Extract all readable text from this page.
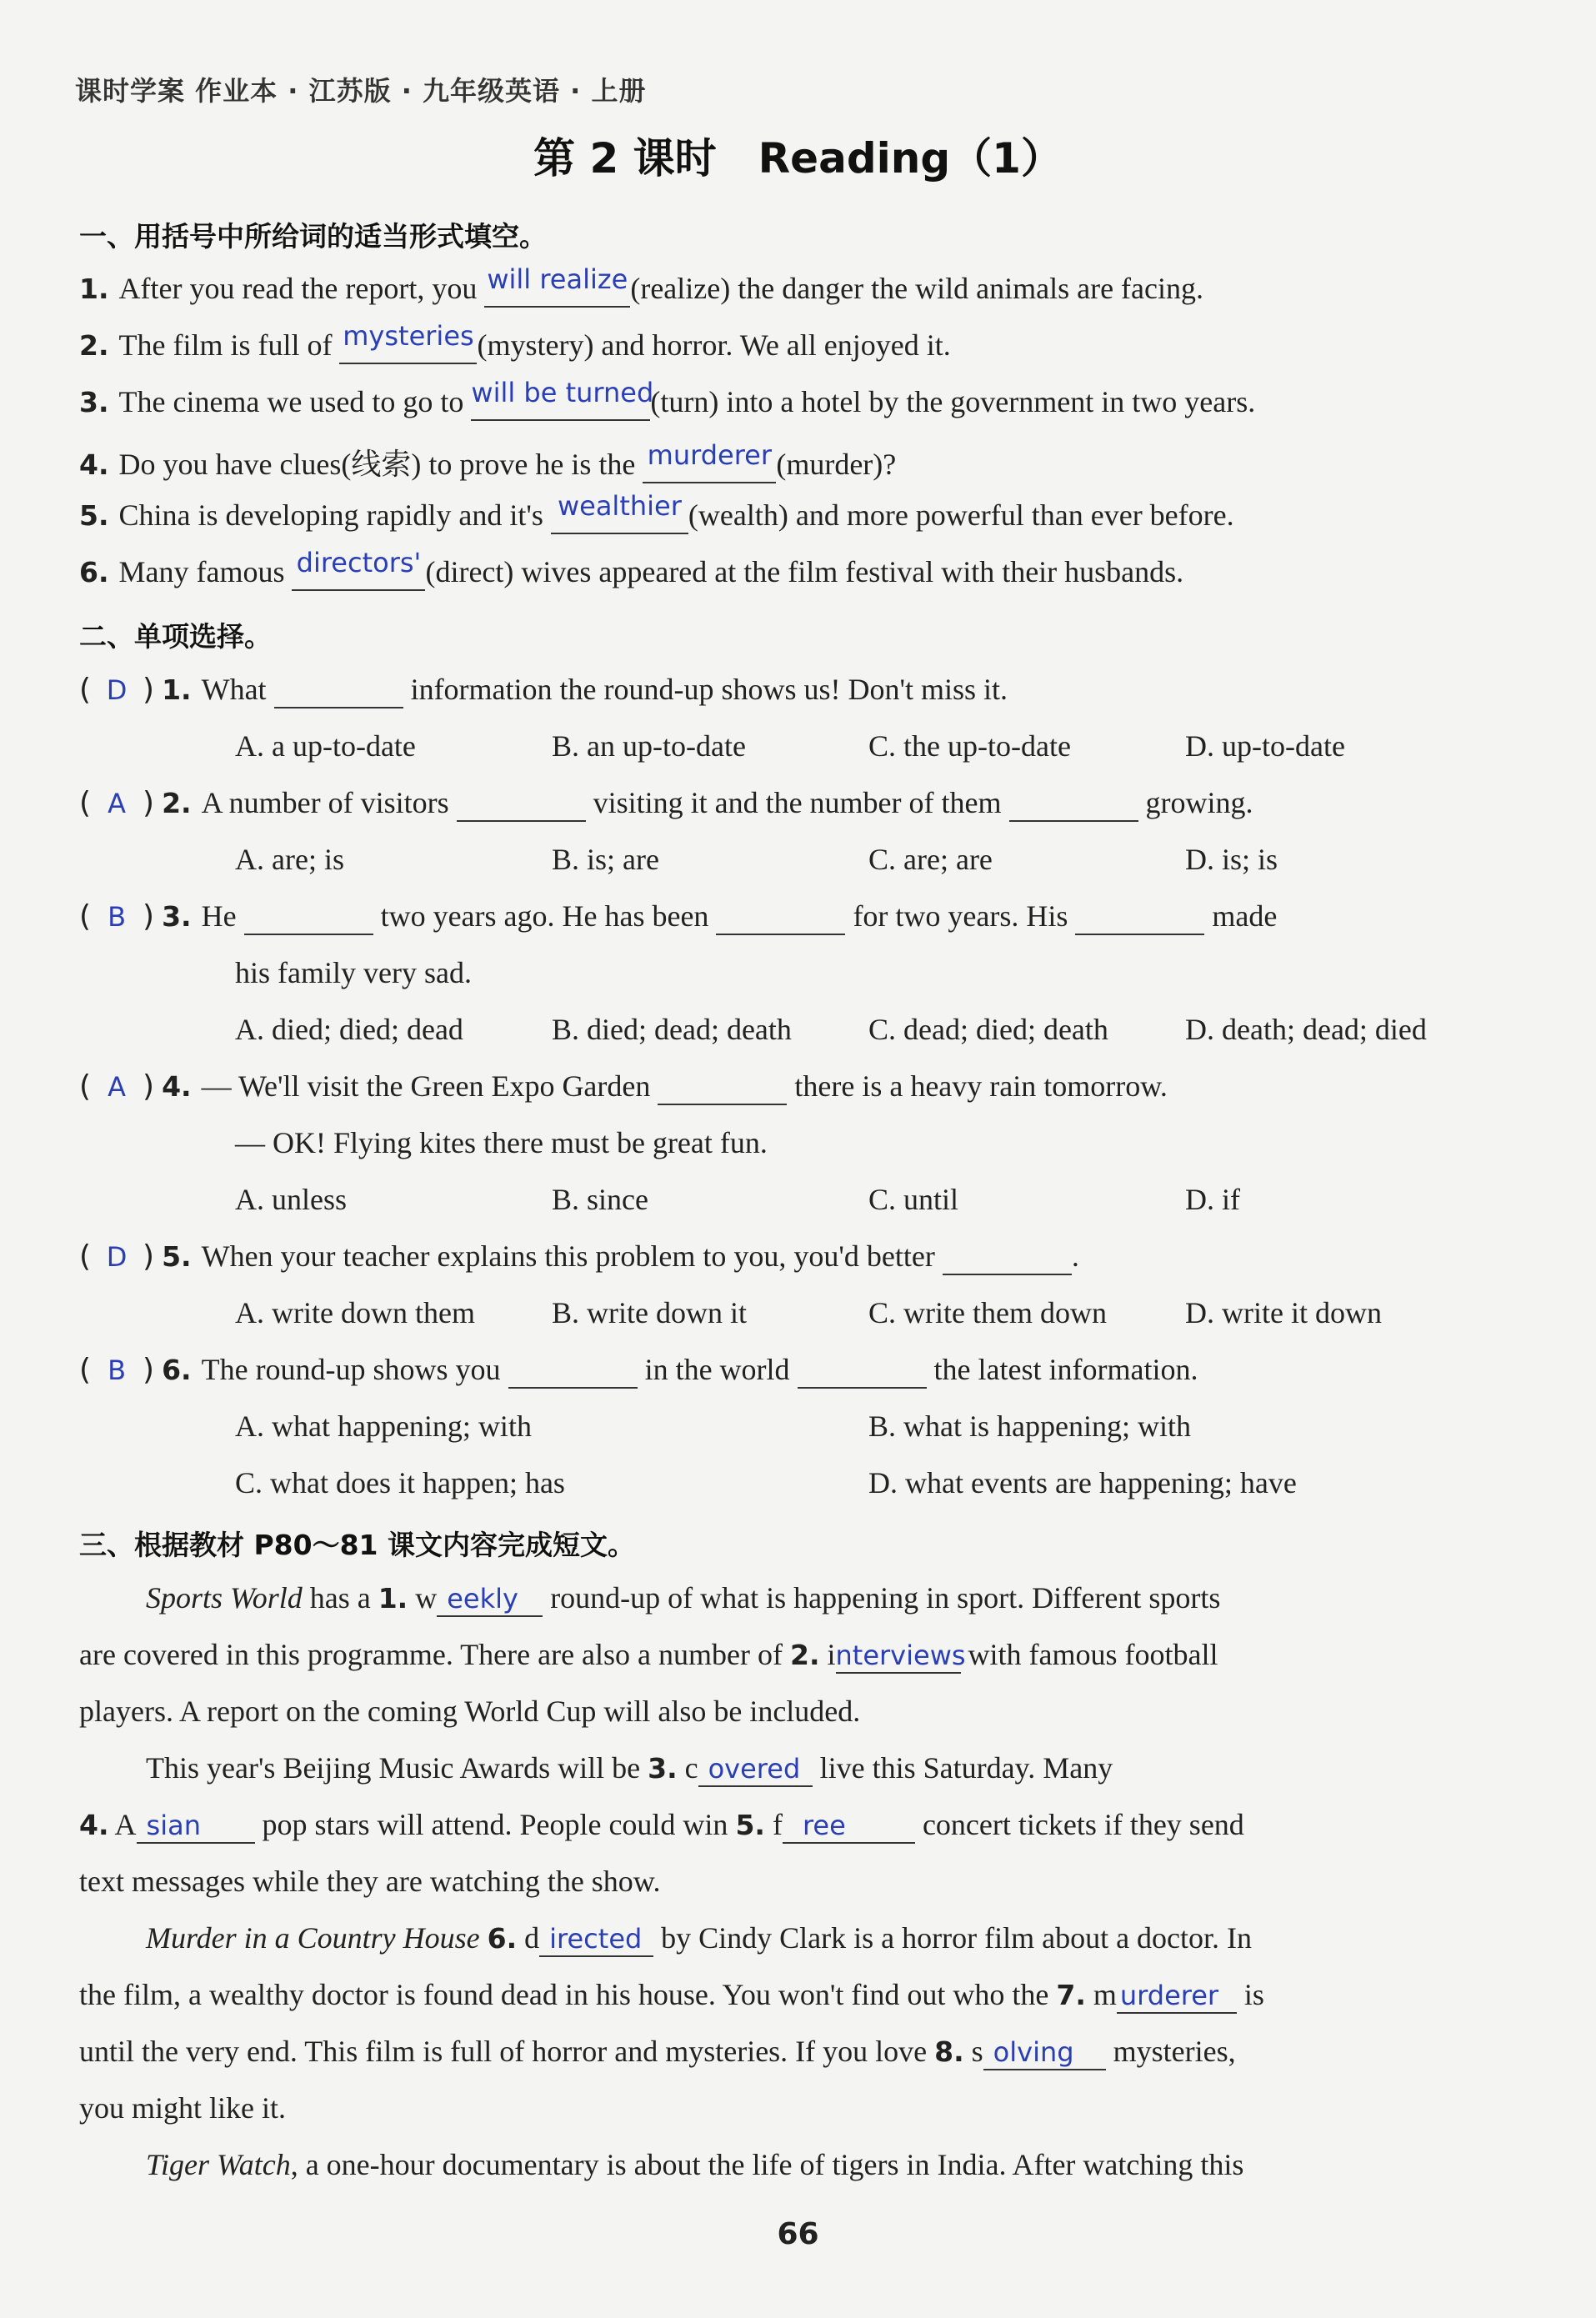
课时学案 作业本 · 江苏版 · 九年级英语 · 上册
第 2 课时　Reading（1）
一、用括号中所给词的适当形式填空。
1. After you read the report, you will realize(realize) the danger the wild animals are facing.
2. The film is full of mysteries (mystery) and horror. We all enjoyed it.
3. The cinema we used to go to will be turned(turn) into a hotel by the government in two years.
4. Do you have clues(线索) to prove he is the murderer (murder)?
5. China is developing rapidly and it's wealthier (wealth) and more powerful than ever before.
6. Many famous directors' (direct) wives appeared at the film festival with their husbands.
二、单项选择。
( D ) 1. What	information the round-up shows us! Don't miss it.
A. a up-to-date	B. an up-to-date	C. the up-to-date	D. up-to-date
( A ) 2. A number of visitors	visiting it and the number of them	growing.
A. are; is	B. is; are	C. are; are	D. is; is
( B ) 3. He	two years ago. He has been	for two years. His	made
his family very sad.
A. died; died; dead	B. died; dead; death	C. dead; died; death	D. death; dead; died
( A ) 4. — We'll visit the Green Expo Garden	there is a heavy rain tomorrow.
— OK! Flying kites there must be great fun.
A. unless	B. since	C. until	D. if
( D ) 5. When your teacher explains this problem to you, you'd better	.
A. write down them	B. write down it	C. write them down	D. write it down
( B ) 6. The round-up shows you	in the world	the latest information.
A. what happening; with	B. what is happening; with
C. what does it happen; has	D. what events are happening; have
三、根据教材 P80～81 课文内容完成短文。
Sports World has a 1. w eekly round-up of what is happening in sport. Different sports
are covered in this programme. There are also a number of 2. interviews with famous football
players. A report on the coming World Cup will also be included.
This year's Beijing Music Awards will be 3. c overed live this Saturday. Many
4. A sian pop stars will attend. People could win 5. f ree concert tickets if they send
text messages while they are watching the show.
Murder in a Country House 6. d irected by Cindy Clark is a horror film about a doctor. In
the film, a wealthy doctor is found dead in his house. You won't find out who the 7. m urderer is
until the very end. This film is full of horror and mysteries. If you love 8. s olving mysteries,
you might like it.
Tiger Watch, a one-hour documentary is about the life of tigers in India. After watching this
66
